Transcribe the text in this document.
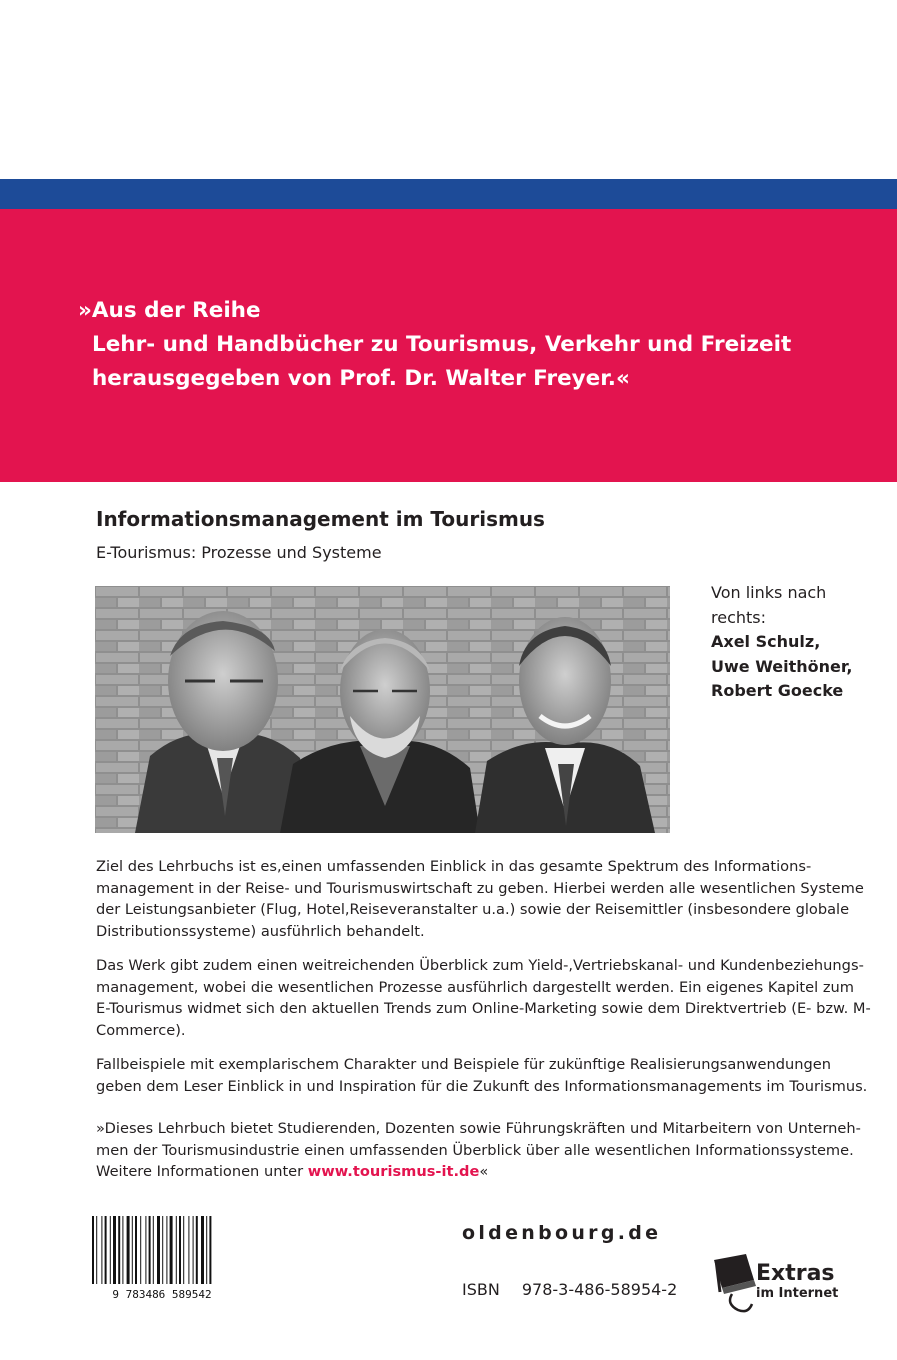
»Aus der Reihe
Lehr- und Handbücher zu Tourismus, Verkehr und Freizeit
herausgegeben von Prof. Dr. Walter Freyer.«

Informationsmanagement im Tourismus
E-Tourismus: Prozesse und Systeme
Von links nach rechts:
Axel Schulz,
Uwe Weithöner,
Robert Goecke

Ziel des Lehrbuchs ist es,einen umfassenden Einblick in das gesamte Spektrum des Informationsmanagement in der Reise- und Tourismuswirtschaft zu geben. Hierbei werden alle wesentlichen Systeme der Leistungsanbieter (Flug, Hotel,Reiseveranstalter u.a.) sowie der Reisemittler (insbesondere globale Distributionssysteme) ausführlich behandelt.

Das Werk gibt zudem einen weitreichenden Überblick zum Yield-,Vertriebskanal- und Kundenbeziehungsmanagement, wobei die wesentlichen Prozesse ausführlich dargestellt werden. Ein eigenes Kapitel zum E-Tourismus widmet sich den aktuellen Trends zum Online-Marketing sowie dem Direktvertrieb (E- bzw. M-Commerce).

Fallbeispiele mit exemplarischem Charakter und Beispiele für zukünftige Realisierungsanwendungen geben dem Leser Einblick in und Inspiration für die Zukunft des Informationsmanagements im Tourismus.

»Dieses Lehrbuch bietet Studierenden, Dozenten sowie Führungskräften und Mitarbeitern von Unternehmen der Tourismusindustrie einen umfassenden Überblick über alle wesentlichen Informationssysteme. Weitere Informationen unter www.tourismus-it.de«

9 783486 589542
oldenbourg.de
ISBN 978-3-486-58954-2
Extras
im Internet
